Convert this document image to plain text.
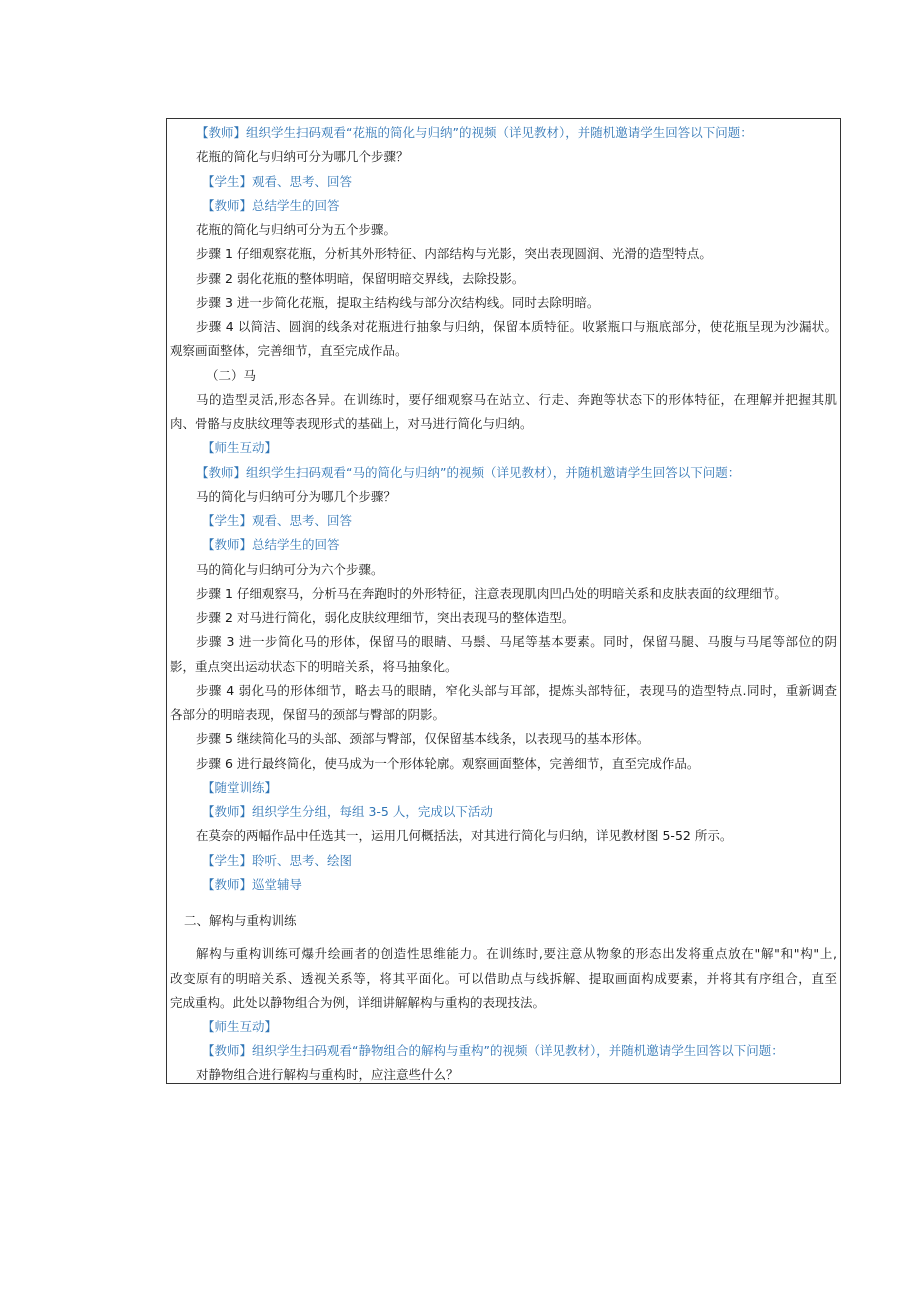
【教师】组织学生扫码观看“花瓶的简化与归纳”的视频（详见教材），并随机邀请学生回答以下问题：
花瓶的简化与归纳可分为哪几个步骤？
【学生】观看、思考、回答
【教师】总结学生的回答
花瓶的简化与归纳可分为五个步骤。
步骤 1 仔细观察花瓶，分析其外形特征、内部结构与光影，突出表现圆润、光滑的造型特点。
步骤 2 弱化花瓶的整体明暗，保留明暗交界线，去除投影。
步骤 3 进一步简化花瓶，提取主结构线与部分次结构线。同时去除明暗。
步骤 4 以简洁、圆润的线条对花瓶进行抽象与归纳，保留本质特征。收紧瓶口与瓶底部分，使花瓶呈现为沙漏状。
观察画面整体，完善细节，直至完成作品。
（二）马
马的造型灵活,形态各异。在训练时，要仔细观察马在站立、行走、奔跑等状态下的形体特征，在理解并把握其肌
肉、骨骼与皮肤纹理等表现形式的基础上，对马进行简化与归纳。
【师生互动】
【教师】组织学生扫码观看“马的简化与归纳”的视频（详见教材），并随机邀请学生回答以下问题：
马的简化与归纳可分为哪几个步骤？
【学生】观看、思考、回答
【教师】总结学生的回答
马的简化与归纳可分为六个步骤。
步骤 1 仔细观察马，分析马在奔跑时的外形特征，注意表现肌肉凹凸处的明暗关系和皮肤表面的纹理细节。
步骤 2 对马进行简化，弱化皮肤纹理细节，突出表现马的整体造型。
步骤 3 进一步简化马的形体，保留马的眼睛、马鬃、马尾等基本要素。同时，保留马腿、马腹与马尾等部位的阴
影，重点突出运动状态下的明暗关系，将马抽象化。
步骤 4 弱化马的形体细节，略去马的眼睛，窄化头部与耳部，提炼头部特征，表现马的造型特点.同时，重新调查
各部分的明暗表现，保留马的颈部与臀部的阴影。
步骤 5 继续简化马的头部、颈部与臀部，仅保留基本线条，以表现马的基本形体。
步骤 6 进行最终简化，使马成为一个形体轮廓。观察画面整体，完善细节，直至完成作品。
【随堂训练】
【教师】组织学生分组，每组 3-5 人，完成以下活动
在莫奈的两幅作品中任选其一，运用几何概括法，对其进行简化与归纳，详见教材图 5-52 所示。
【学生】聆听、思考、绘图
【教师】巡堂辅导
二、解构与重构训练
解构与重构训练可爆升绘画者的创造性思维能力。在训练时,要注意从物象的形态出发将重点放在"解"和"构"上,
改变原有的明暗关系、透视关系等，将其平面化。可以借助点与线拆解、提取画面构成要素，并将其有序组合，直至
完成重构。此处以静物组合为例，详细讲解解构与重构的表现技法。
【师生互动】
【教师】组织学生扫码观看“静物组合的解构与重构”的视频（详见教材），并随机邀请学生回答以下问题：
对静物组合进行解构与重构时，应注意些什么？
